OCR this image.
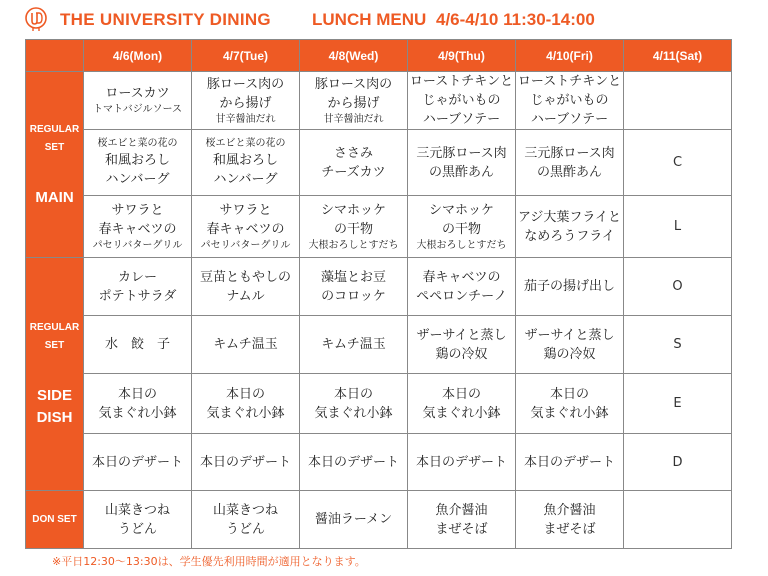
THE UNIVERSITY DINING LUNCH MENU 4/6-4/10 11:30-14:00
	4/6(Mon)	4/7(Tue)	4/8(Wed)	4/9(Thu)	4/10(Fri)	4/11(Sat)

REGULAR
SET
MAIN	ロースカツ
トマトバジルソース	豚ロース肉の
から揚げ
甘辛醤油だれ	豚ロース肉の
から揚げ
甘辛醤油だれ	ローストチキンと
じゃがいもの
ハーブソテー	ローストチキンと
じゃがいもの
ハーブソテー	

	桜エビと菜の花の
和風おろし
ハンバーグ	桜エビと菜の花の
和風おろし
ハンバーグ	ささみ
チーズカツ	三元豚ロース肉
の黒酢あん	三元豚ロース肉
の黒酢あん	C

	サワラと
春キャベツの
パセリバターグリル	サワラと
春キャベツの
パセリバターグリル	シマホッケ
の干物
大根おろしとすだち	シマホッケ
の干物
大根おろしとすだち	アジ大葉フライと
なめろうフライ	L

REGULAR
SET
SIDE
DISH	カレー
ポテトサラダ	豆苗ともやしの
ナムル	藻塩とお豆
のコロッケ	春キャベツの
ペペロンチーノ	茄子の揚げ出し	O

	水　餃　子	キムチ温玉	キムチ温玉	ザーサイと蒸し
鶏の冷奴	ザーサイと蒸し
鶏の冷奴	S

	本日の
気まぐれ小鉢	本日の
気まぐれ小鉢	本日の
気まぐれ小鉢	本日の
気まぐれ小鉢	本日の
気まぐれ小鉢	E

	本日のデザート	本日のデザート	本日のデザート	本日のデザート	本日のデザート	D

DON SET	山菜きつね
うどん	山菜きつね
うどん	醤油ラーメン	魚介醤油
まぜそば	魚介醤油
まぜそば	

※平日12:30〜13:30は、学生優先利用時間が適用となります。
